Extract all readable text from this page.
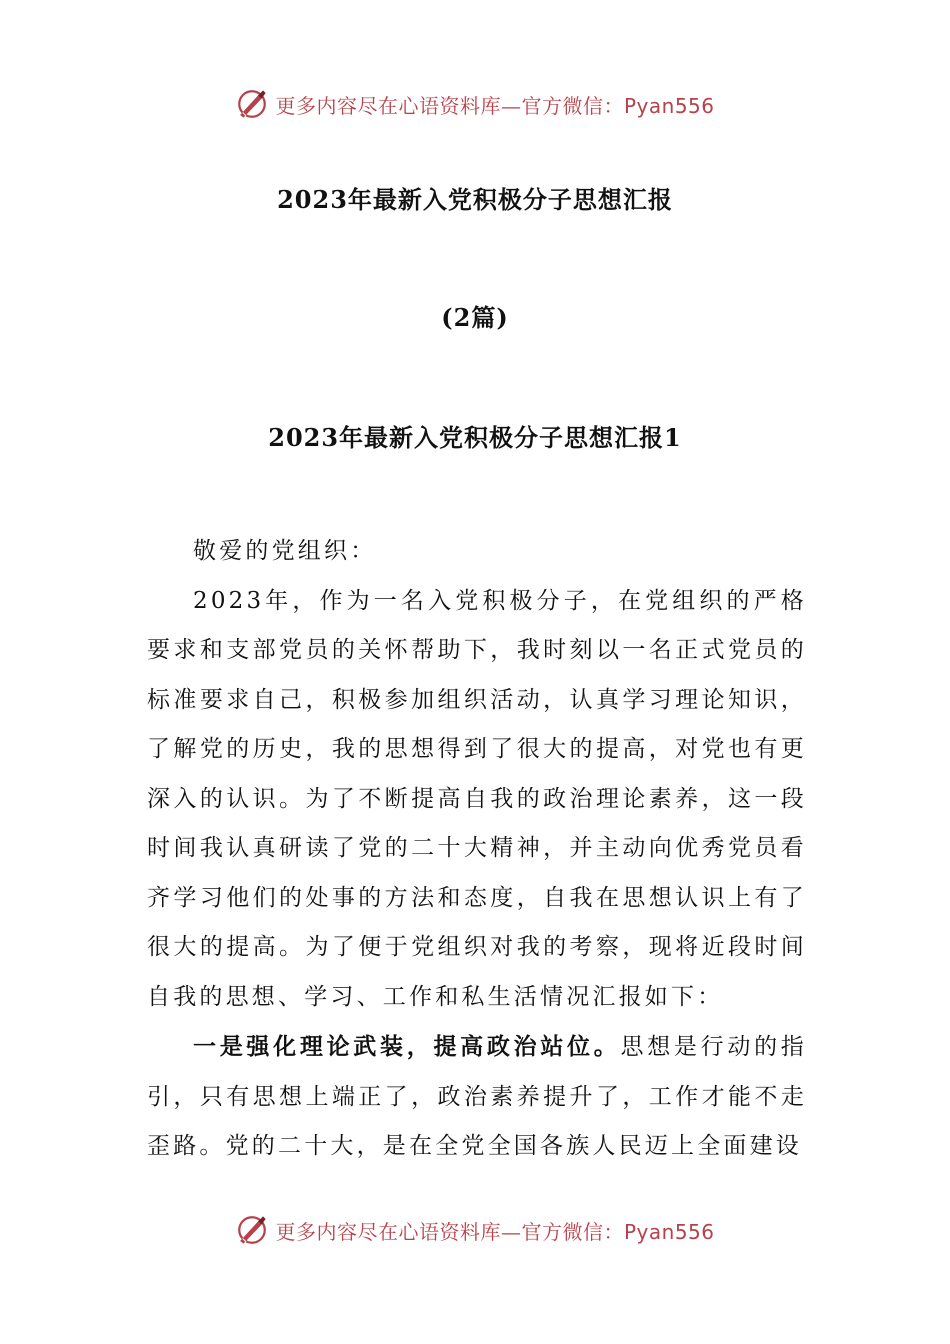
更多内容尽在心语资料库—官方微信：Pyan556
2023年最新入党积极分子思想汇报
(2篇)
2023年最新入党积极分子思想汇报1

敬爱的党组织：

2023年，作为一名入党积极分子，在党组织的严格要求和支部党员的关怀帮助下，我时刻以一名正式党员的标准要求自己，积极参加组织活动，认真学习理论知识，了解党的历史，我的思想得到了很大的提高，对党也有更深入的认识。为了不断提高自我的政治理论素养，这一段时间我认真研读了党的二十大精神，并主动向优秀党员看齐学习他们的处事的方法和态度，自我在思想认识上有了很大的提高。为了便于党组织对我的考察，现将近段时间自我的思想、学习、工作和私生活情况汇报如下：

一是强化理论武装，提高政治站位。思想是行动的指引，只有思想上端正了，政治素养提升了，工作才能不走歪路。党的二十大，是在全党全国各族人民迈上全面建设

更多内容尽在心语资料库—官方微信：Pyan556
